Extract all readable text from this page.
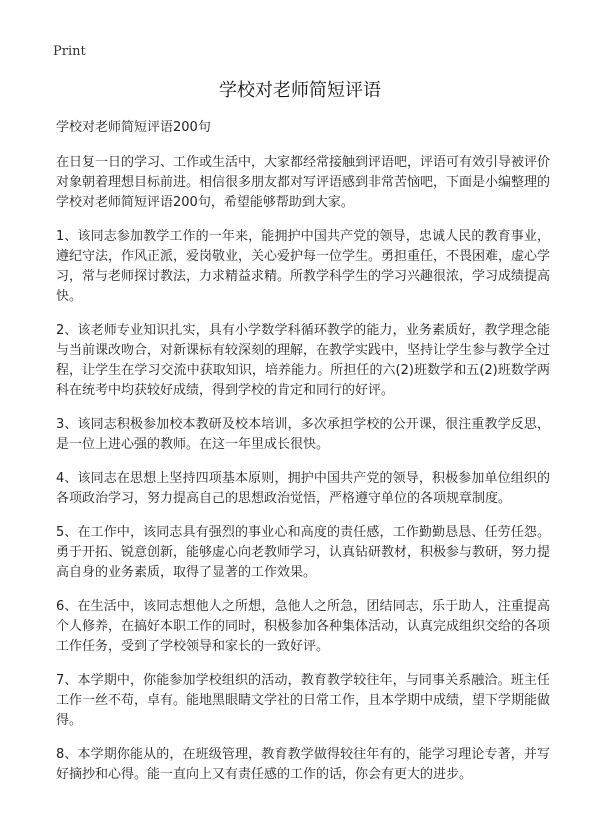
Print
学校对老师简短评语

学校对老师简短评语200句

在日复一日的学习、工作或生活中，大家都经常接触到评语吧，评语可有效引导被评价对象朝着理想目标前进。相信很多朋友都对写评语感到非常苦恼吧，下面是小编整理的学校对老师简短评语200句，希望能够帮助到大家。

1、该同志参加教学工作的一年来，能拥护中国共产党的领导，忠诚人民的教育事业，遵纪守法，作风正派，爱岗敬业，关心爱护每一位学生。勇担重任，不畏困难，虚心学习，常与老师探讨教法，力求精益求精。所教学科学生的学习兴趣很浓，学习成绩提高快。

2、该老师专业知识扎实，具有小学数学科循环教学的能力，业务素质好，教学理念能与当前课改吻合，对新课标有较深刻的理解，在教学实践中，坚持让学生参与教学全过程，让学生在学习交流中获取知识，培养能力。所担任的六(2)班数学和五(2)班数学两科在统考中均获较好成绩，得到学校的肯定和同行的好评。

3、该同志积极参加校本教研及校本培训，多次承担学校的公开课，很注重教学反思，是一位上进心强的教师。在这一年里成长很快。

4、该同志在思想上坚持四项基本原则，拥护中国共产党的领导，积极参加单位组织的各项政治学习，努力提高自己的思想政治觉悟，严格遵守单位的各项规章制度。

5、在工作中，该同志具有强烈的事业心和高度的责任感，工作勤勤恳恳、任劳任怨。勇于开拓、锐意创新，能够虚心向老教师学习，认真钻研教材，积极参与教研，努力提高自身的业务素质，取得了显著的工作效果。

6、在生活中，该同志想他人之所想，急他人之所急，团结同志，乐于助人，注重提高个人修养，在搞好本职工作的同时，积极参加各种集体活动，认真完成组织交给的各项工作任务，受到了学校领导和家长的一致好评。

7、本学期中，你能参加学校组织的活动，教育教学较往年，与同事关系融洽。班主任工作一丝不苟，卓有。能地黑眼睛文学社的日常工作，且本学期中成绩，望下学期能做得。

8、本学期你能从的，在班级管理，教育教学做得较往年有的，能学习理论专著，并写好摘抄和心得。能一直向上又有责任感的工作的话，你会有更大的进步。
